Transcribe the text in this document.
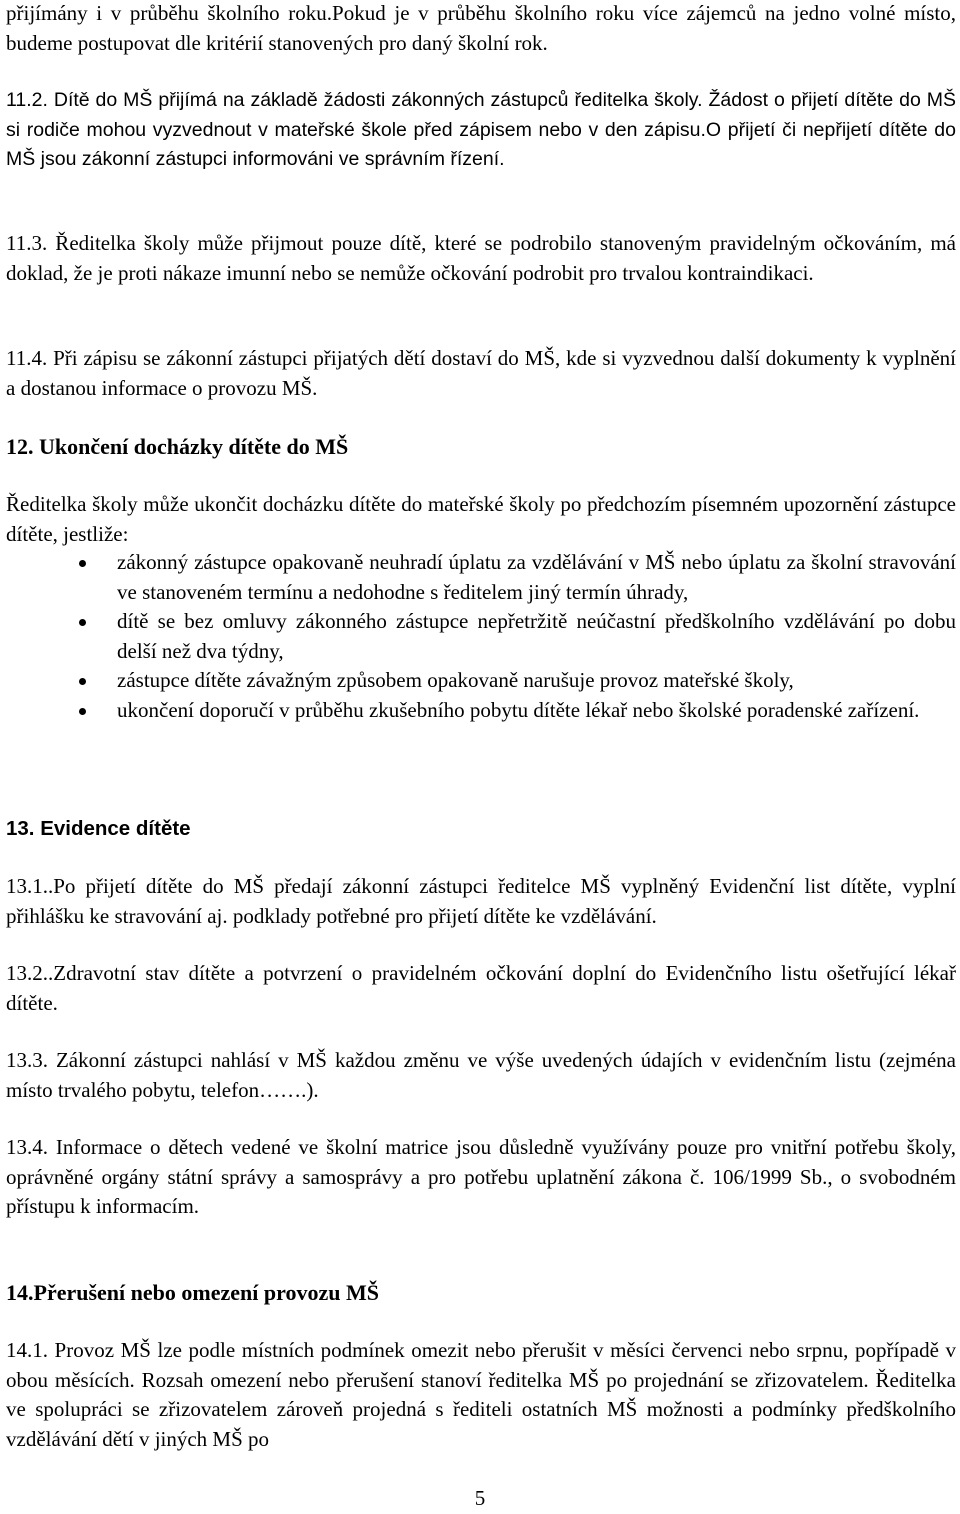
přijímány i v průběhu školního roku.Pokud je v průběhu školního roku více zájemců na jedno volné místo, budeme postupovat dle kritérií stanovených pro daný školní rok.

11.2. Dítě do MŠ přijímá na základě žádosti zákonných zástupců ředitelka školy. Žádost o přijetí dítěte do MŠ si rodiče mohou vyzvednout v mateřské škole před zápisem nebo v den zápisu.O přijetí či nepřijetí dítěte do MŠ jsou zákonní zástupci informováni ve správním řízení.

11.3. Ředitelka školy může přijmout pouze dítě, které se podrobilo stanoveným pravidelným očkováním, má doklad, že je proti nákaze imunní nebo se nemůže očkování podrobit pro trvalou kontraindikaci.

11.4. Při zápisu se zákonní zástupci přijatých dětí dostaví do MŠ, kde si vyzvednou další dokumenty k vyplnění a dostanou informace o provozu MŠ.

12. Ukončení docházky dítěte do MŠ

Ředitelka školy může ukončit docházku dítěte do mateřské školy po předchozím písemném upozornění zástupce dítěte, jestliže:

zákonný zástupce opakovaně neuhradí úplatu za vzdělávání v MŠ nebo úplatu za školní stravování ve stanoveném termínu a nedohodne s ředitelem jiný termín úhrady,
dítě se bez omluvy zákonného zástupce nepřetržitě neúčastní předškolního vzdělávání po dobu delší než dva týdny,
zástupce dítěte závažným způsobem opakovaně narušuje provoz mateřské školy,
ukončení doporučí v průběhu zkušebního pobytu dítěte lékař nebo školské poradenské zařízení.
13. Evidence dítěte

13.1..Po přijetí dítěte do MŠ předají zákonní zástupci ředitelce MŠ vyplněný Evidenční list dítěte, vyplní přihlášku ke stravování aj. podklady potřebné pro přijetí dítěte ke vzdělávání.

13.2..Zdravotní stav dítěte a potvrzení o pravidelném očkování doplní do Evidenčního listu ošetřující lékař dítěte.

13.3. Zákonní zástupci nahlásí v MŠ každou změnu ve výše uvedených údajích v evidenčním listu (zejména místo trvalého pobytu, telefon…….).

13.4. Informace o dětech vedené ve školní matrice jsou důsledně využívány pouze pro vnitřní potřebu školy, oprávněné orgány státní správy a samosprávy a pro potřebu uplatnění zákona č. 106/1999 Sb., o svobodném přístupu k informacím.

14.Přerušení nebo omezení provozu MŠ

14.1. Provoz MŠ lze podle místních podmínek omezit nebo přerušit v měsíci červenci nebo srpnu, popřípadě v obou měsících. Rozsah omezení nebo přerušení stanoví ředitelka MŠ po projednání se zřizovatelem. Ředitelka ve spolupráci se zřizovatelem zároveň projedná s řediteli ostatních MŠ možnosti a podmínky předškolního vzdělávání dětí v jiných MŠ po

5
